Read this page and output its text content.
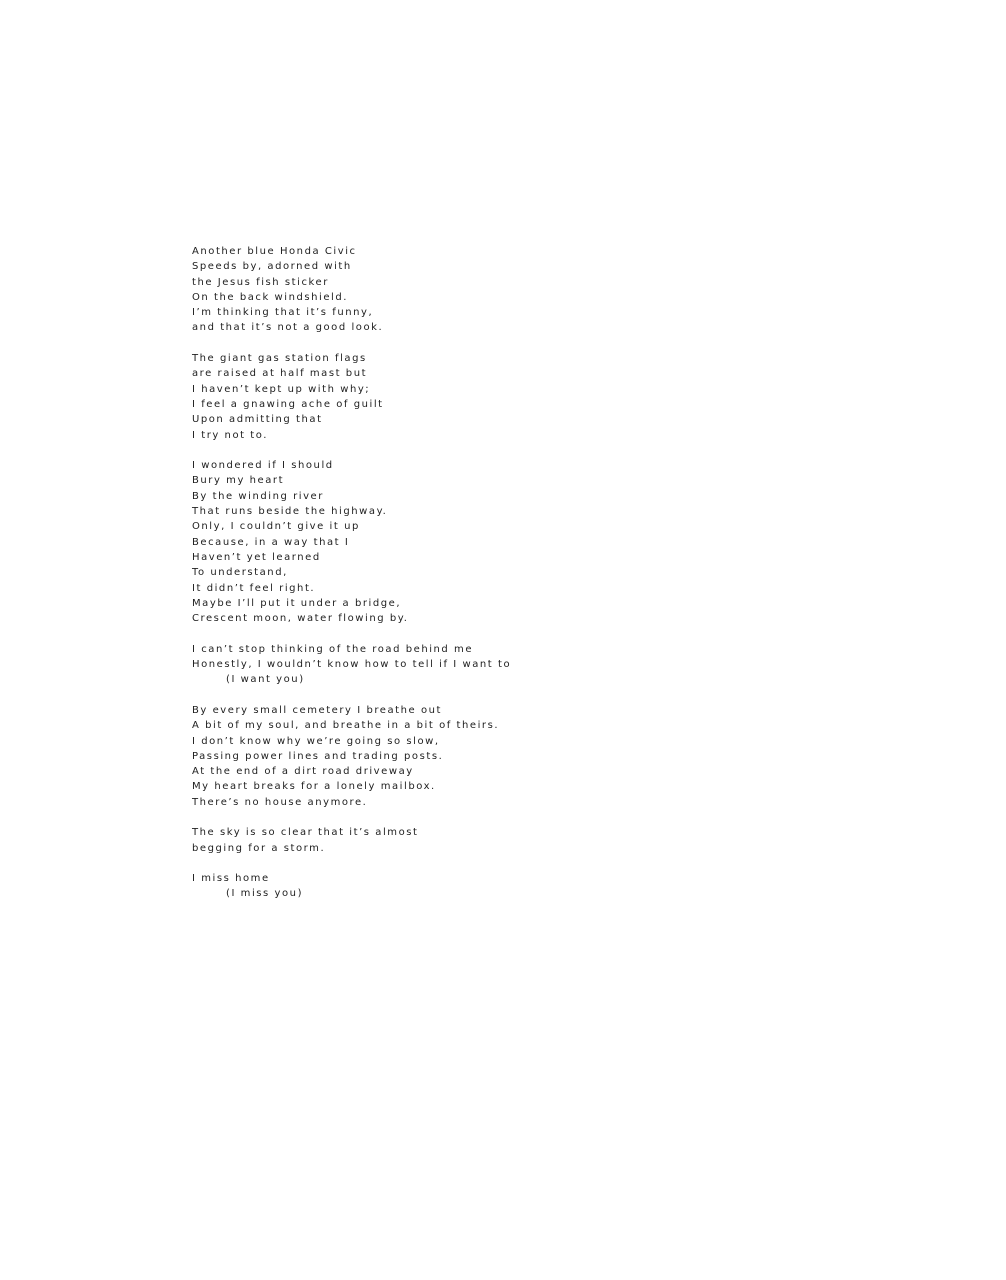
Another blue Honda Civic
Speeds by, adorned with
the Jesus fish sticker
On the back windshield.
I’m thinking that it’s funny,
and that it’s not a good look.
The giant gas station flags
are raised at half mast but
I haven’t kept up with why;
I feel a gnawing ache of guilt
Upon admitting that
I try not to.
I wondered if I should
Bury my heart
By the winding river
That runs beside the highway.
Only, I couldn’t give it up
Because, in a way that I
Haven’t yet learned
To understand,
It didn’t feel right.
Maybe I’ll put it under a bridge,
Crescent moon, water flowing by.
I can’t stop thinking of the road behind me
Honestly, I wouldn’t know how to tell if I want to
(I want you)
By every small cemetery I breathe out
A bit of my soul, and breathe in a bit of theirs.
I don’t know why we’re going so slow,
Passing power lines and trading posts.
At the end of a dirt road driveway
My heart breaks for a lonely mailbox.
There’s no house anymore.
The sky is so clear that it’s almost
begging for a storm.
I miss home
(I miss you)
